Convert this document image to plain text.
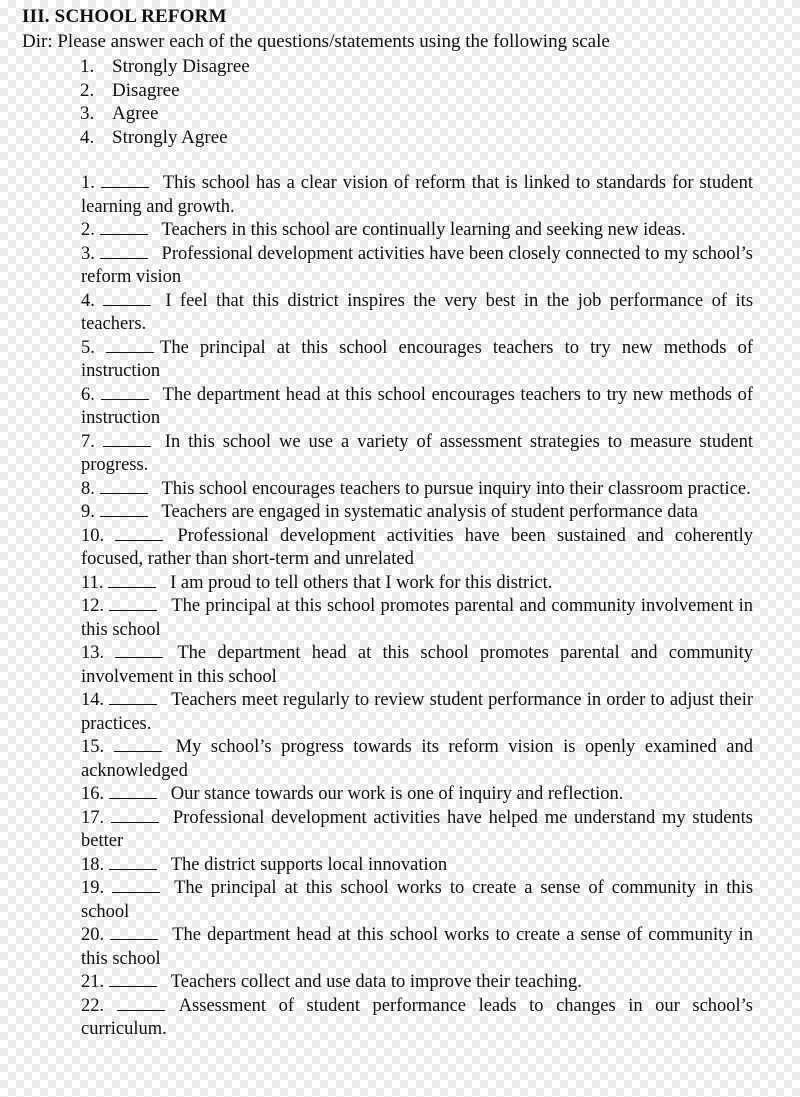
III. SCHOOL REFORM
Dir: Please answer each of the questions/statements using the following scale
1. Strongly Disagree
2. Disagree
3. Agree
4. Strongly Agree
1.	This school has a clear vision of reform that is linked to standards for student learning and growth.
2.	Teachers in this school are continually learning and seeking new ideas.
3.	Professional development activities have been closely connected to my school’s reform vision
4.	I feel that this district inspires the very best in the job performance of its teachers.
5.	The principal at this school encourages teachers to try new methods of instruction
6.	The department head at this school encourages teachers to try new methods of instruction
7.	In this school we use a variety of assessment strategies to measure student progress.
8.	This school encourages teachers to pursue inquiry into their classroom practice.
9.	Teachers are engaged in systematic analysis of student performance data
10.	Professional development activities have been sustained and coherently focused, rather than short-term and unrelated
11.	I am proud to tell others that I work for this district.
12.	The principal at this school promotes parental and community involvement in this school
13.	The department head at this school promotes parental and community involvement in this school
14.	Teachers meet regularly to review student performance in order to adjust their practices.
15.	My school’s progress towards its reform vision is openly examined and acknowledged
16.	Our stance towards our work is one of inquiry and reflection.
17.	Professional development activities have helped me understand my students better
18.	The district supports local innovation
19.	The principal at this school works to create a sense of community in this school
20.	The department head at this school works to create a sense of community in this school
21.	Teachers collect and use data to improve their teaching.
22.	Assessment of student performance leads to changes in our school’s curriculum.
